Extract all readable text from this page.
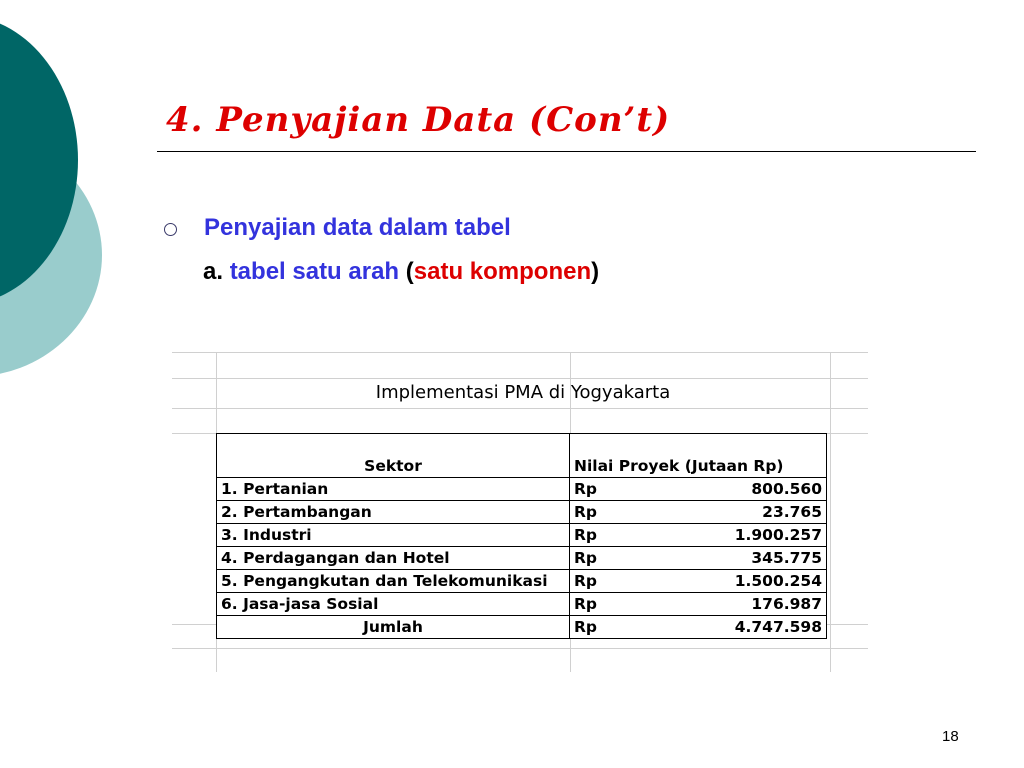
4. Penyajian Data (Con’t)
Penyajian data dalam tabel
a. tabel satu arah (satu komponen)
Implementasi PMA di Yogyakarta
Sektor	Nilai Proyek (Jutaan Rp)	
1. Pertanian	Rp	800.560
2. Pertambangan	Rp	23.765
3. Industri	Rp	1.900.257
4. Perdagangan dan Hotel	Rp	345.775
5. Pengangkutan dan Telekomunikasi	Rp	1.500.254
6. Jasa-jasa Sosial	Rp	176.987
Jumlah	Rp	4.747.598
18
